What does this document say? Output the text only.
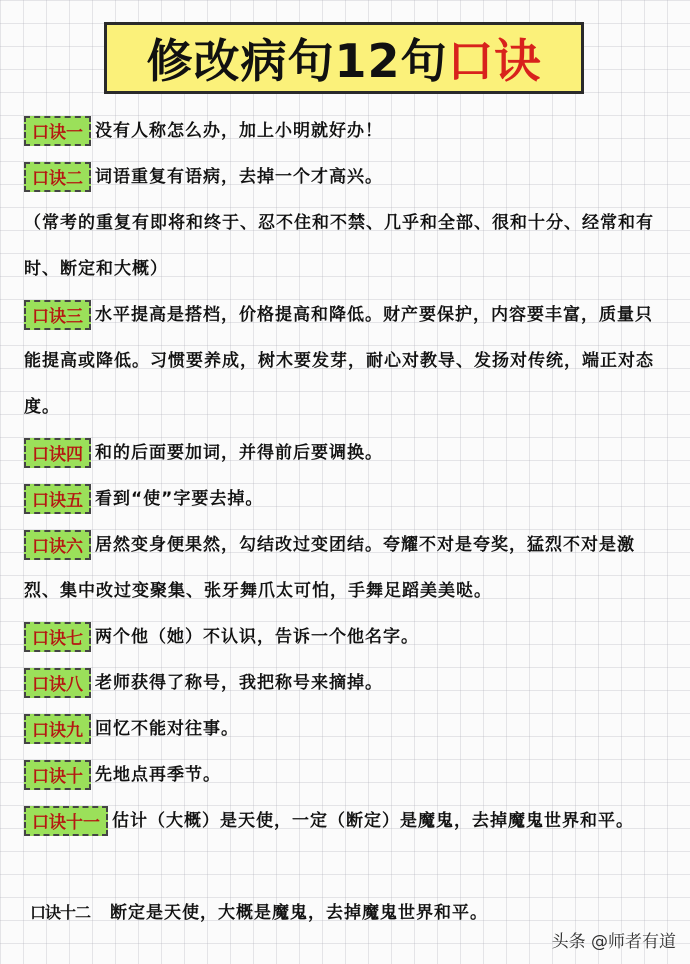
修改病句12句 口诀
口诀一 没有人称怎么办，加上小明就好办！
口诀二 词语重复有语病，去掉一个才高兴。
（常考的重复有即将和终于、忍不住和不禁、几乎和全部、很和十分、经常和有时、断定和大概）
口诀三 水平提高是搭档，价格提高和降低。财产要保护，内容要丰富，质量只能提高或降低。习惯要养成，树木要发芽，耐心对教导、发扬对传统，端正对态度。
口诀四 和的后面要加词，并得前后要调换。
口诀五 看到“使”字要去掉。
口诀六 居然变身便果然，勾结改过变团结。夸耀不对是夸奖，猛烈不对是激烈、集中改过变聚集、张牙舞爪太可怕，手舞足蹈美美哒。
口诀七 两个他（她）不认识，告诉一个他名字。
口诀八 老师获得了称号，我把称号来摘掉。
口诀九 回忆不能对往事。
口诀十 先地点再季节。
口诀十一 估计（大概）是天使，一定（断定）是魔鬼，去掉魔鬼世界和平。
口诀十二 断定是天使，大概是魔鬼，去掉魔鬼世界和平。
头条 @师者有道
